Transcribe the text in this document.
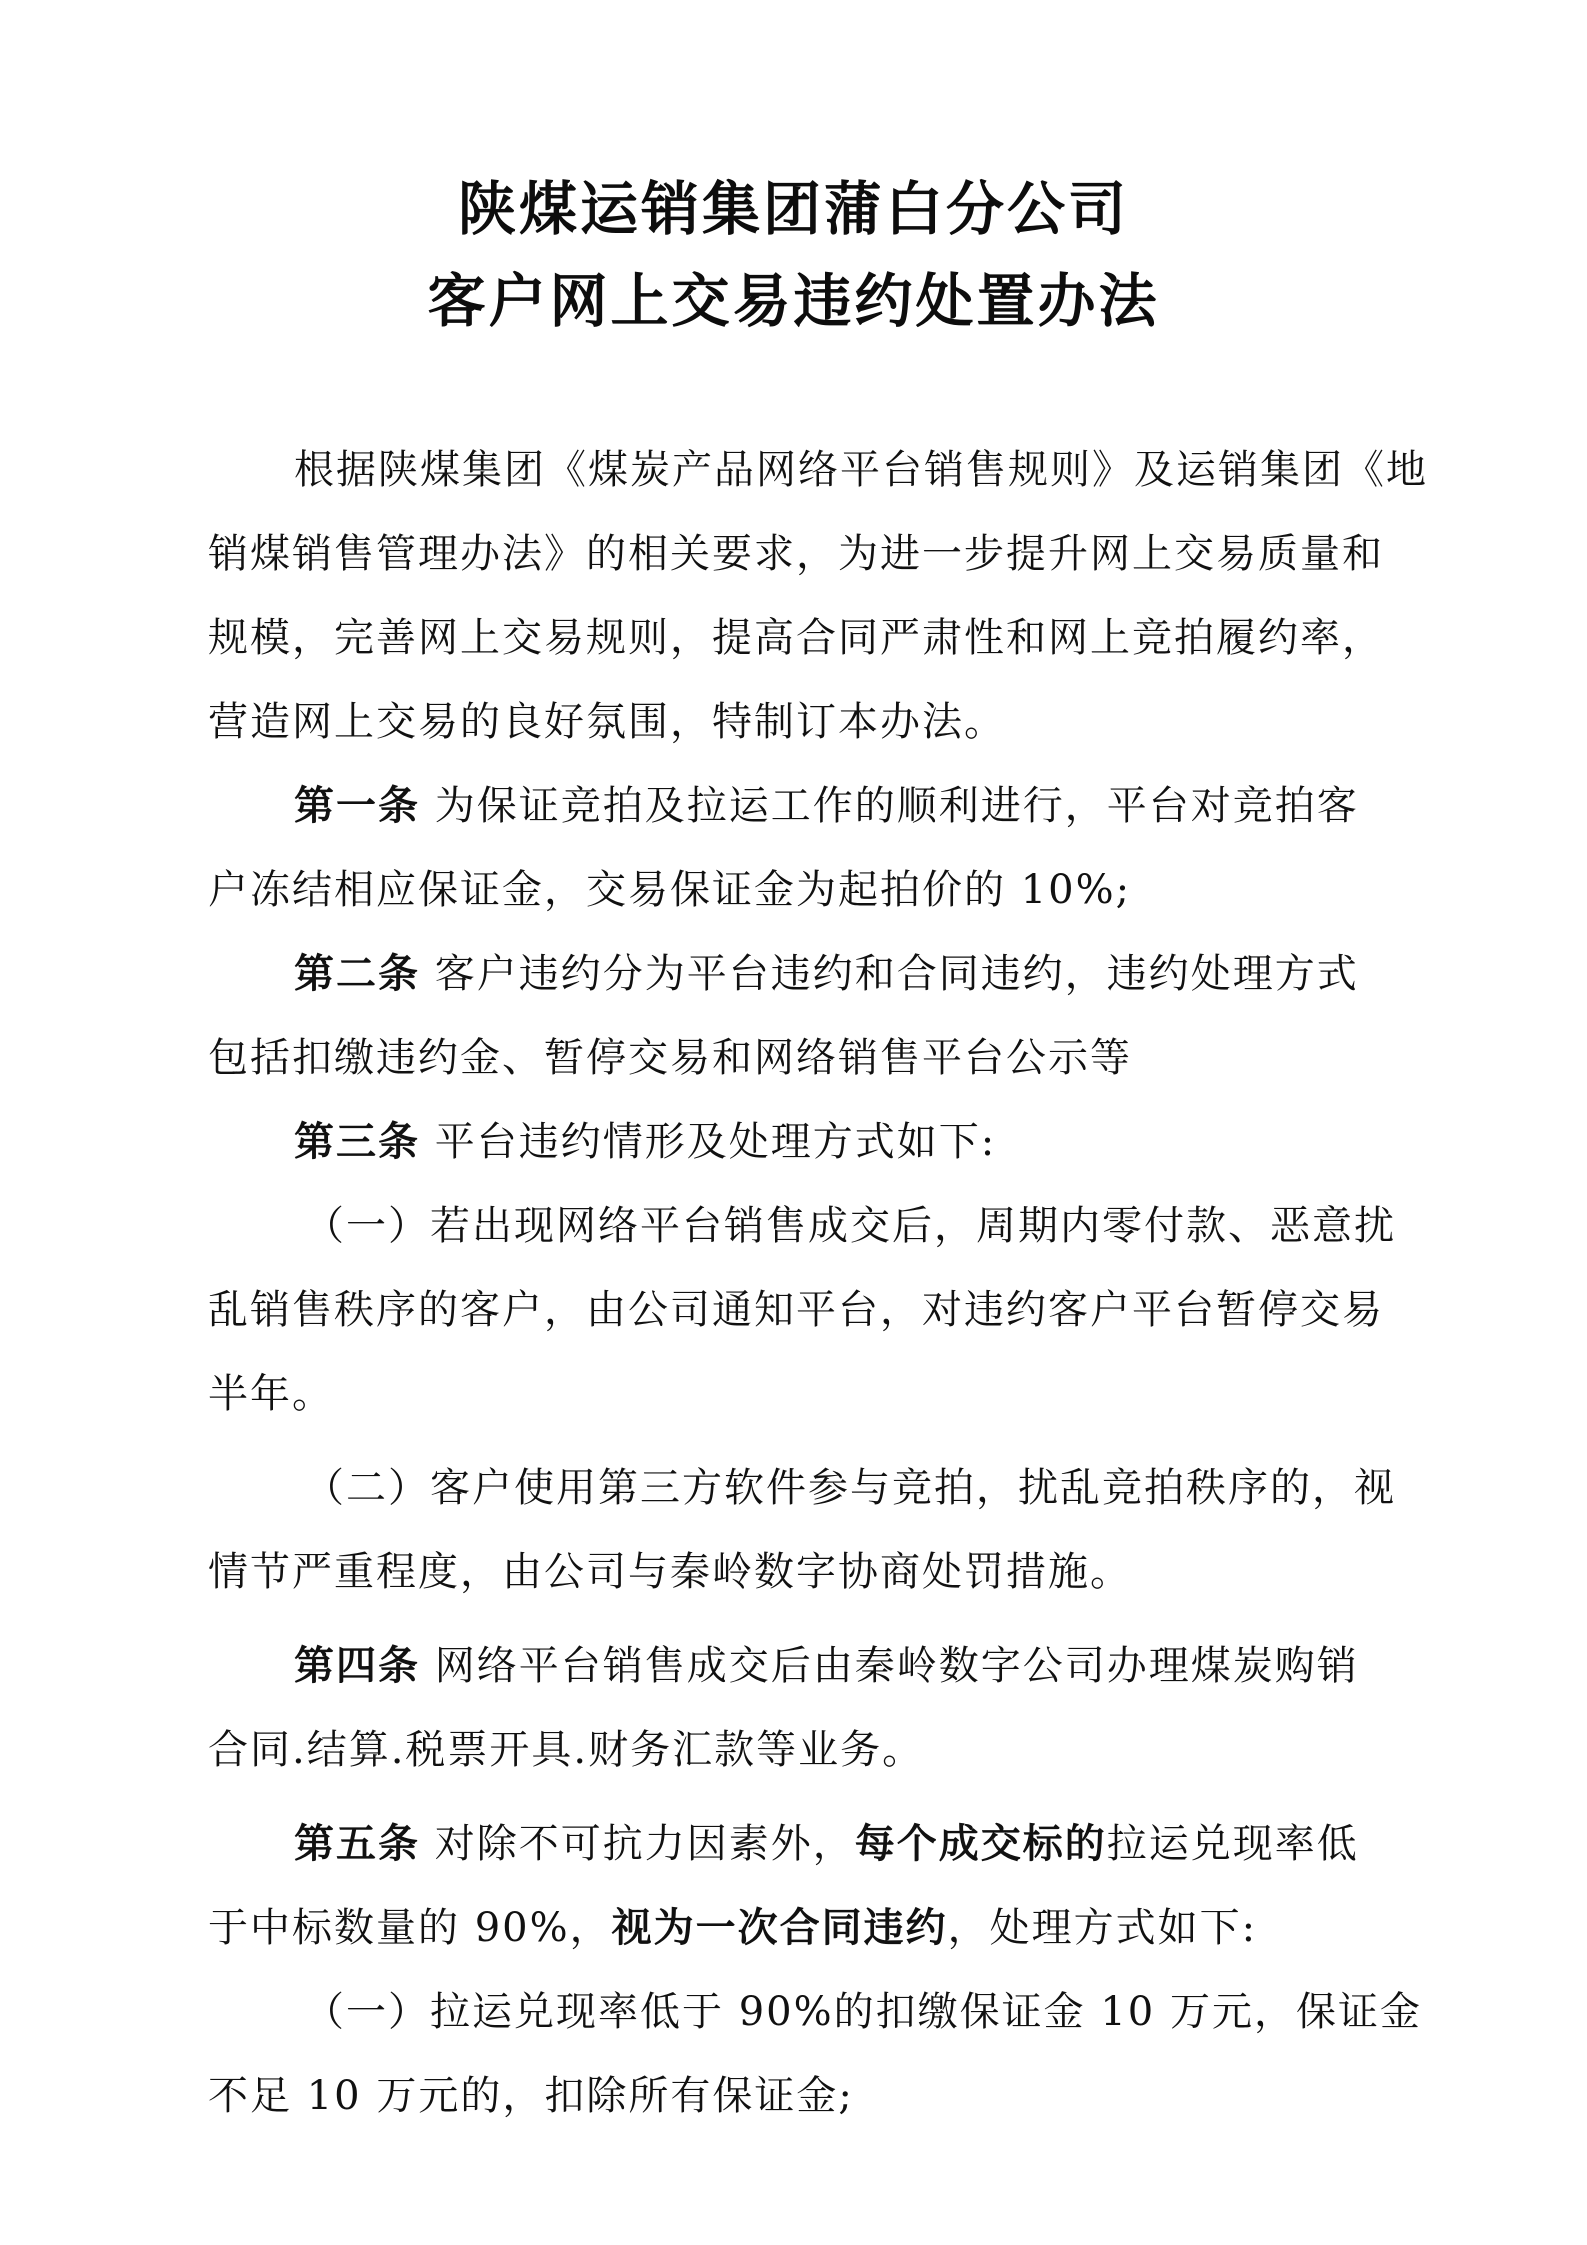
陕煤运销集团蒲白分公司
客户网上交易违约处置办法
根据陕煤集团《煤炭产品网络平台销售规则》及运销集团《地
销煤销售管理办法》的相关要求，为进一步提升网上交易质量和
规模，完善网上交易规则，提高合同严肃性和网上竞拍履约率，
营造网上交易的良好氛围，特制订本办法。
第一条 为保证竞拍及拉运工作的顺利进行，平台对竞拍客
户冻结相应保证金，交易保证金为起拍价的 10%;
第二条 客户违约分为平台违约和合同违约，违约处理方式
包括扣缴违约金、暂停交易和网络销售平台公示等
第三条 平台违约情形及处理方式如下:
（一）若出现网络平台销售成交后，周期内零付款、恶意扰
乱销售秩序的客户，由公司通知平台，对违约客户平台暂停交易
半年。
（二）客户使用第三方软件参与竞拍，扰乱竞拍秩序的，视
情节严重程度，由公司与秦岭数字协商处罚措施。
第四条 网络平台销售成交后由秦岭数字公司办理煤炭购销
合同.结算.税票开具.财务汇款等业务。
第五条 对除不可抗力因素外，每个成交标的拉运兑现率低
于中标数量的 90%，视为一次合同违约，处理方式如下:
（一）拉运兑现率低于 90%的扣缴保证金 10 万元，保证金
不足 10 万元的，扣除所有保证金;
